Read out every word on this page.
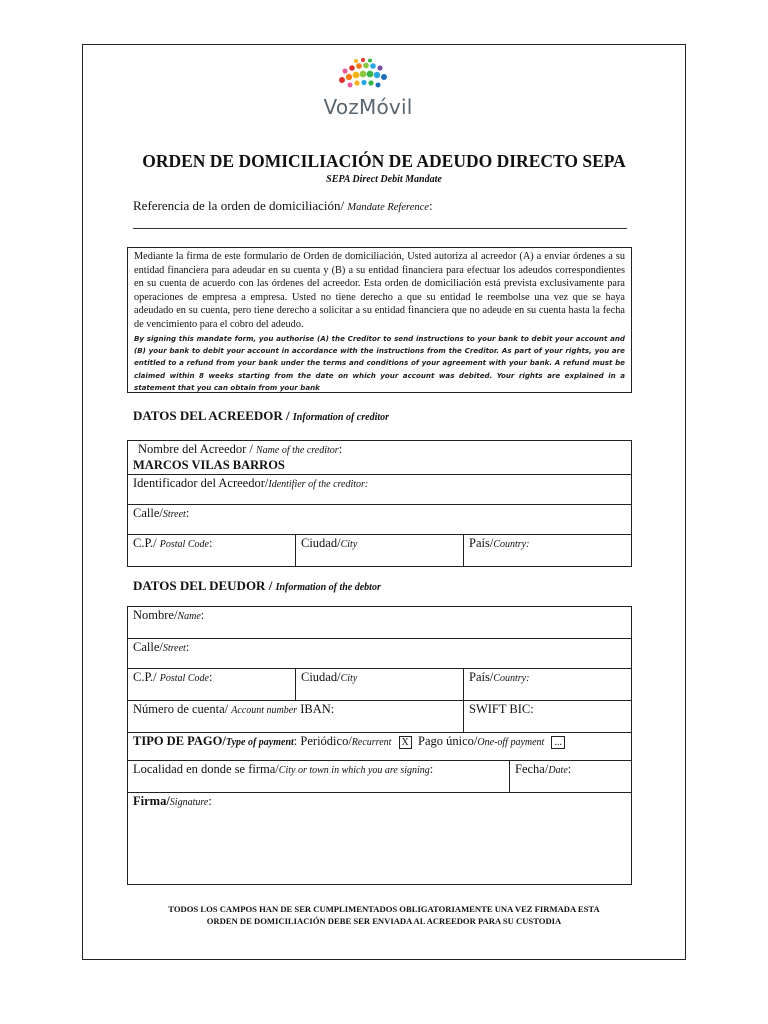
VozMóvil
ORDEN DE DOMICILIACIÓN DE ADEUDO DIRECTO SEPA
SEPA Direct Debit Mandate
Referencia de la orden de domiciliación/ Mandate Reference:

Mediante la firma de este formulario de Orden de domiciliación, Usted autoriza al acreedor (A) a enviar órdenes a su entidad financiera para adeudar en su cuenta y (B) a su entidad financiera para efectuar los adeudos correspondientes en su cuenta de acuerdo con las órdenes del acreedor. Esta orden de domiciliación está prevista exclusivamente para operaciones de empresa a empresa. Usted no tiene derecho a que su entidad le reembolse una vez que se haya adeudado en su cuenta, pero tiene derecho a solicitar a su entidad financiera que no adeude en su cuenta hasta la fecha de vencimiento para el cobro del adeudo.

By signing this mandate form, you authorise (A) the Creditor to send instructions to your bank to debit your account and (B) your bank to debit your account in accordance with the instructions from the Creditor. As part of your rights, you are entitled to a refund from your bank under the terms and conditions of your agreement with your bank. A refund must be claimed within 8 weeks starting from the date on which your account was debited. Your rights are explained in a statement that you can obtain from your bank

DATOS DEL ACREEDOR / Information of creditor
Nombre del Acreedor / Name of the creditor:
MARCOS VILAS BARROS

Identificador del Acreedor/Identifier of the creditor:
Calle/Street:
C.P./ Postal Code:	Ciudad/City	País/Country:
DATOS DEL DEUDOR / Information of the debtor
Nombre/Name:			
Calle/Street:			
C.P./ Postal Code:	Ciudad/City	País/Country:	
Número de cuenta/ Account number IBAN:		SWIFT BIC:	
TIPO DE PAGO/Type of payment: Periódico/Recurrent X Pago único/One-off payment ...			
Localidad en donde se firma/City or town in which you are signing:			Fecha/Date:
Firma/Signature:			
TODOS LOS CAMPOS HAN DE SER CUMPLIMENTADOS OBLIGATORIAMENTE UNA VEZ FIRMADA ESTA
ORDEN DE DOMICILIACIÓN DEBE SER ENVIADA AL ACREEDOR PARA SU CUSTODIA
